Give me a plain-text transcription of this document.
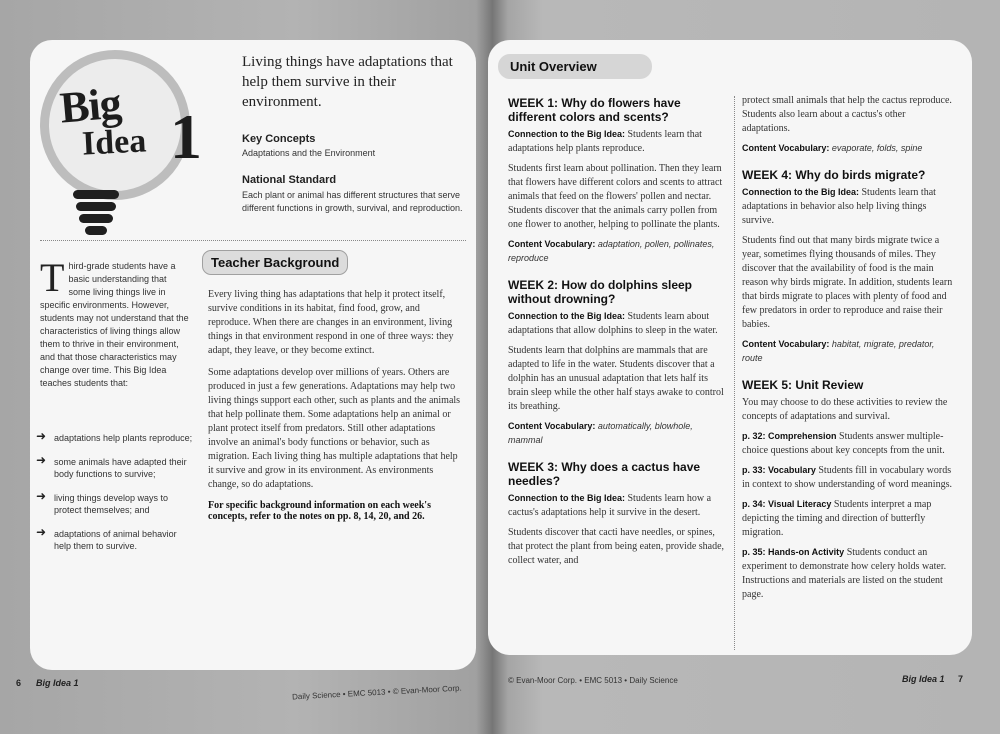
Big
Idea 1
Living things have adaptations that help them survive in their environment.
Key Concepts
Adaptations and the Environment
National Standard
Each plant or animal has different structures that serve different functions in growth, survival, and reproduction.
Third-grade students have a basic understanding that some living things live in specific environments. However, students may not understand that the characteristics of living things allow them to thrive in their environment, and that those characteristics may change over time. This Big Idea teaches students that:
➜ adaptations help plants reproduce;
➜ some animals have adapted their body functions to survive;
➜ living things develop ways to protect themselves; and
➜ adaptations of animal behavior help them to survive.
Teacher Background

Every living thing has adaptations that help it protect itself, survive conditions in its habitat, find food, grow, and reproduce. When there are changes in an environment, living things in that environment respond in one of three ways: they adapt, they leave, or they become extinct.

Some adaptations develop over millions of years. Others are produced in just a few generations. Adaptations may help two living things support each other, such as plants and the animals that help pollinate them. Some adaptations help an animal or plant protect itself from predators. Still other adaptations involve an animal's body functions or behavior, such as migration. Each living thing has multiple adaptations that help it survive and grow in its environment. As environments change, so do adaptations.

For specific background information on each week's concepts, refer to the notes on pp. 8, 14, 20, and 26.

6 Big Idea 1
Daily Science • EMC 5013 • © Evan-Moor Corp.
Unit Overview
WEEK 1: Why do flowers have different colors and scents?

Connection to the Big Idea: Students learn that adaptations help plants reproduce.

Students first learn about pollination. Then they learn that flowers have different colors and scents to attract animals that feed on the flowers' pollen and nectar. Students discover that the animals carry pollen from one flower to another, helping to pollinate the plants.

Content Vocabulary: adaptation, pollen, pollinates, reproduce

WEEK 2: How do dolphins sleep without drowning?

Connection to the Big Idea: Students learn about adaptations that allow dolphins to sleep in the water.

Students learn that dolphins are mammals that are adapted to life in the water. Students discover that a dolphin has an unusual adaptation that lets half its brain sleep while the other half stays awake to control its breathing.

Content Vocabulary: automatically, blowhole, mammal

WEEK 3: Why does a cactus have needles?

Connection to the Big Idea: Students learn how a cactus's adaptations help it survive in the desert.

Students discover that cacti have needles, or spines, that protect the plant from being eaten, provide shade, collect water, and

protect small animals that help the cactus reproduce. Students also learn about a cactus's other adaptations.

Content Vocabulary: evaporate, folds, spine

WEEK 4: Why do birds migrate?

Connection to the Big Idea: Students learn that adaptations in behavior also help living things survive.

Students find out that many birds migrate twice a year, sometimes flying thousands of miles. They discover that the availability of food is the main reason why birds migrate. In addition, students learn that birds migrate to places with plenty of food and few predators in order to reproduce and raise their babies.

Content Vocabulary: habitat, migrate, predator, route

WEEK 5: Unit Review

You may choose to do these activities to review the concepts of adaptations and survival.

p. 32: Comprehension Students answer multiple-choice questions about key concepts from the unit.

p. 33: Vocabulary Students fill in vocabulary words in context to show understanding of word meanings.

p. 34: Visual Literacy Students interpret a map depicting the timing and direction of butterfly migration.

p. 35: Hands-on Activity Students conduct an experiment to demonstrate how celery holds water. Instructions and materials are listed on the student page.

© Evan-Moor Corp. • EMC 5013 • Daily Science	Big Idea 1 7
